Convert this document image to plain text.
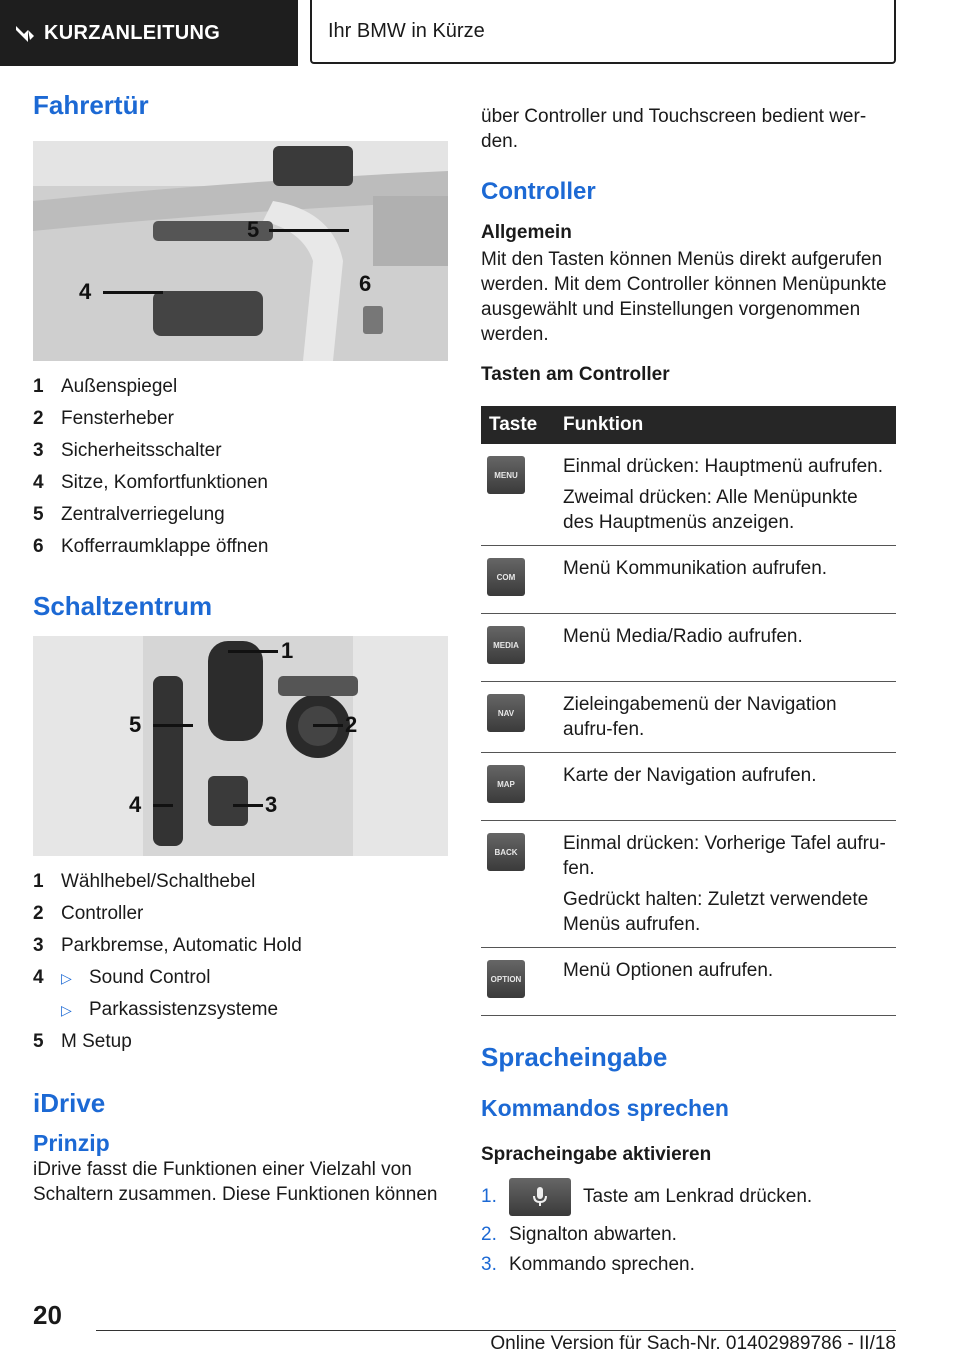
KURZANLEITUNG	Ihr BMW in Kürze
Fahrertür
5
4	6
1 Außenspiegel
2 Fensterheber
3 Sicherheitsschalter
4 Sitze, Komfortfunktionen
5 Zentralverriegelung
6 Kofferraumklappe öffnen
Schaltzentrum
1
5	2
4	3
1 Wählhebel/Schalthebel
2 Controller
3 Parkbremse, Automatic Hold
4	▷ Sound Control
▷ Parkassistenzsysteme
5 M Setup
iDrive
Prinzip

iDrive fasst die Funktionen einer Vielzahl von Schaltern zusammen. Diese Funktionen können

über Controller und Touchscreen bedient wer-den.

Controller
Allgemein

Mit den Tasten können Menüs direkt aufgerufen werden. Mit dem Controller können Menüpunkte ausgewählt und Einstellungen vorgenommen werden.

Tasten am Controller
Taste	Funktion

MENU	Einmal drücken: Hauptmenü aufrufen.
Zweimal drücken: Alle Menüpunkte des Hauptmenüs anzeigen.

COM	Menü Kommunikation aufrufen.

MEDIA	Menü Media/Radio aufrufen.

NAV	Zieleingabemenü der Navigation aufru-fen.

MAP	Karte der Navigation aufrufen.

BACK	Einmal drücken: Vorherige Tafel aufru-fen.
Gedrückt halten: Zuletzt verwendete Menüs aufrufen.

OPTION	Menü Optionen aufrufen.
Spracheingabe
Kommandos sprechen
Spracheingabe aktivieren
1.	Taste am Lenkrad drücken.
2. Signalton abwarten.
3. Kommando sprechen.
20
Online Version für Sach-Nr. 01402989786 - II/18
